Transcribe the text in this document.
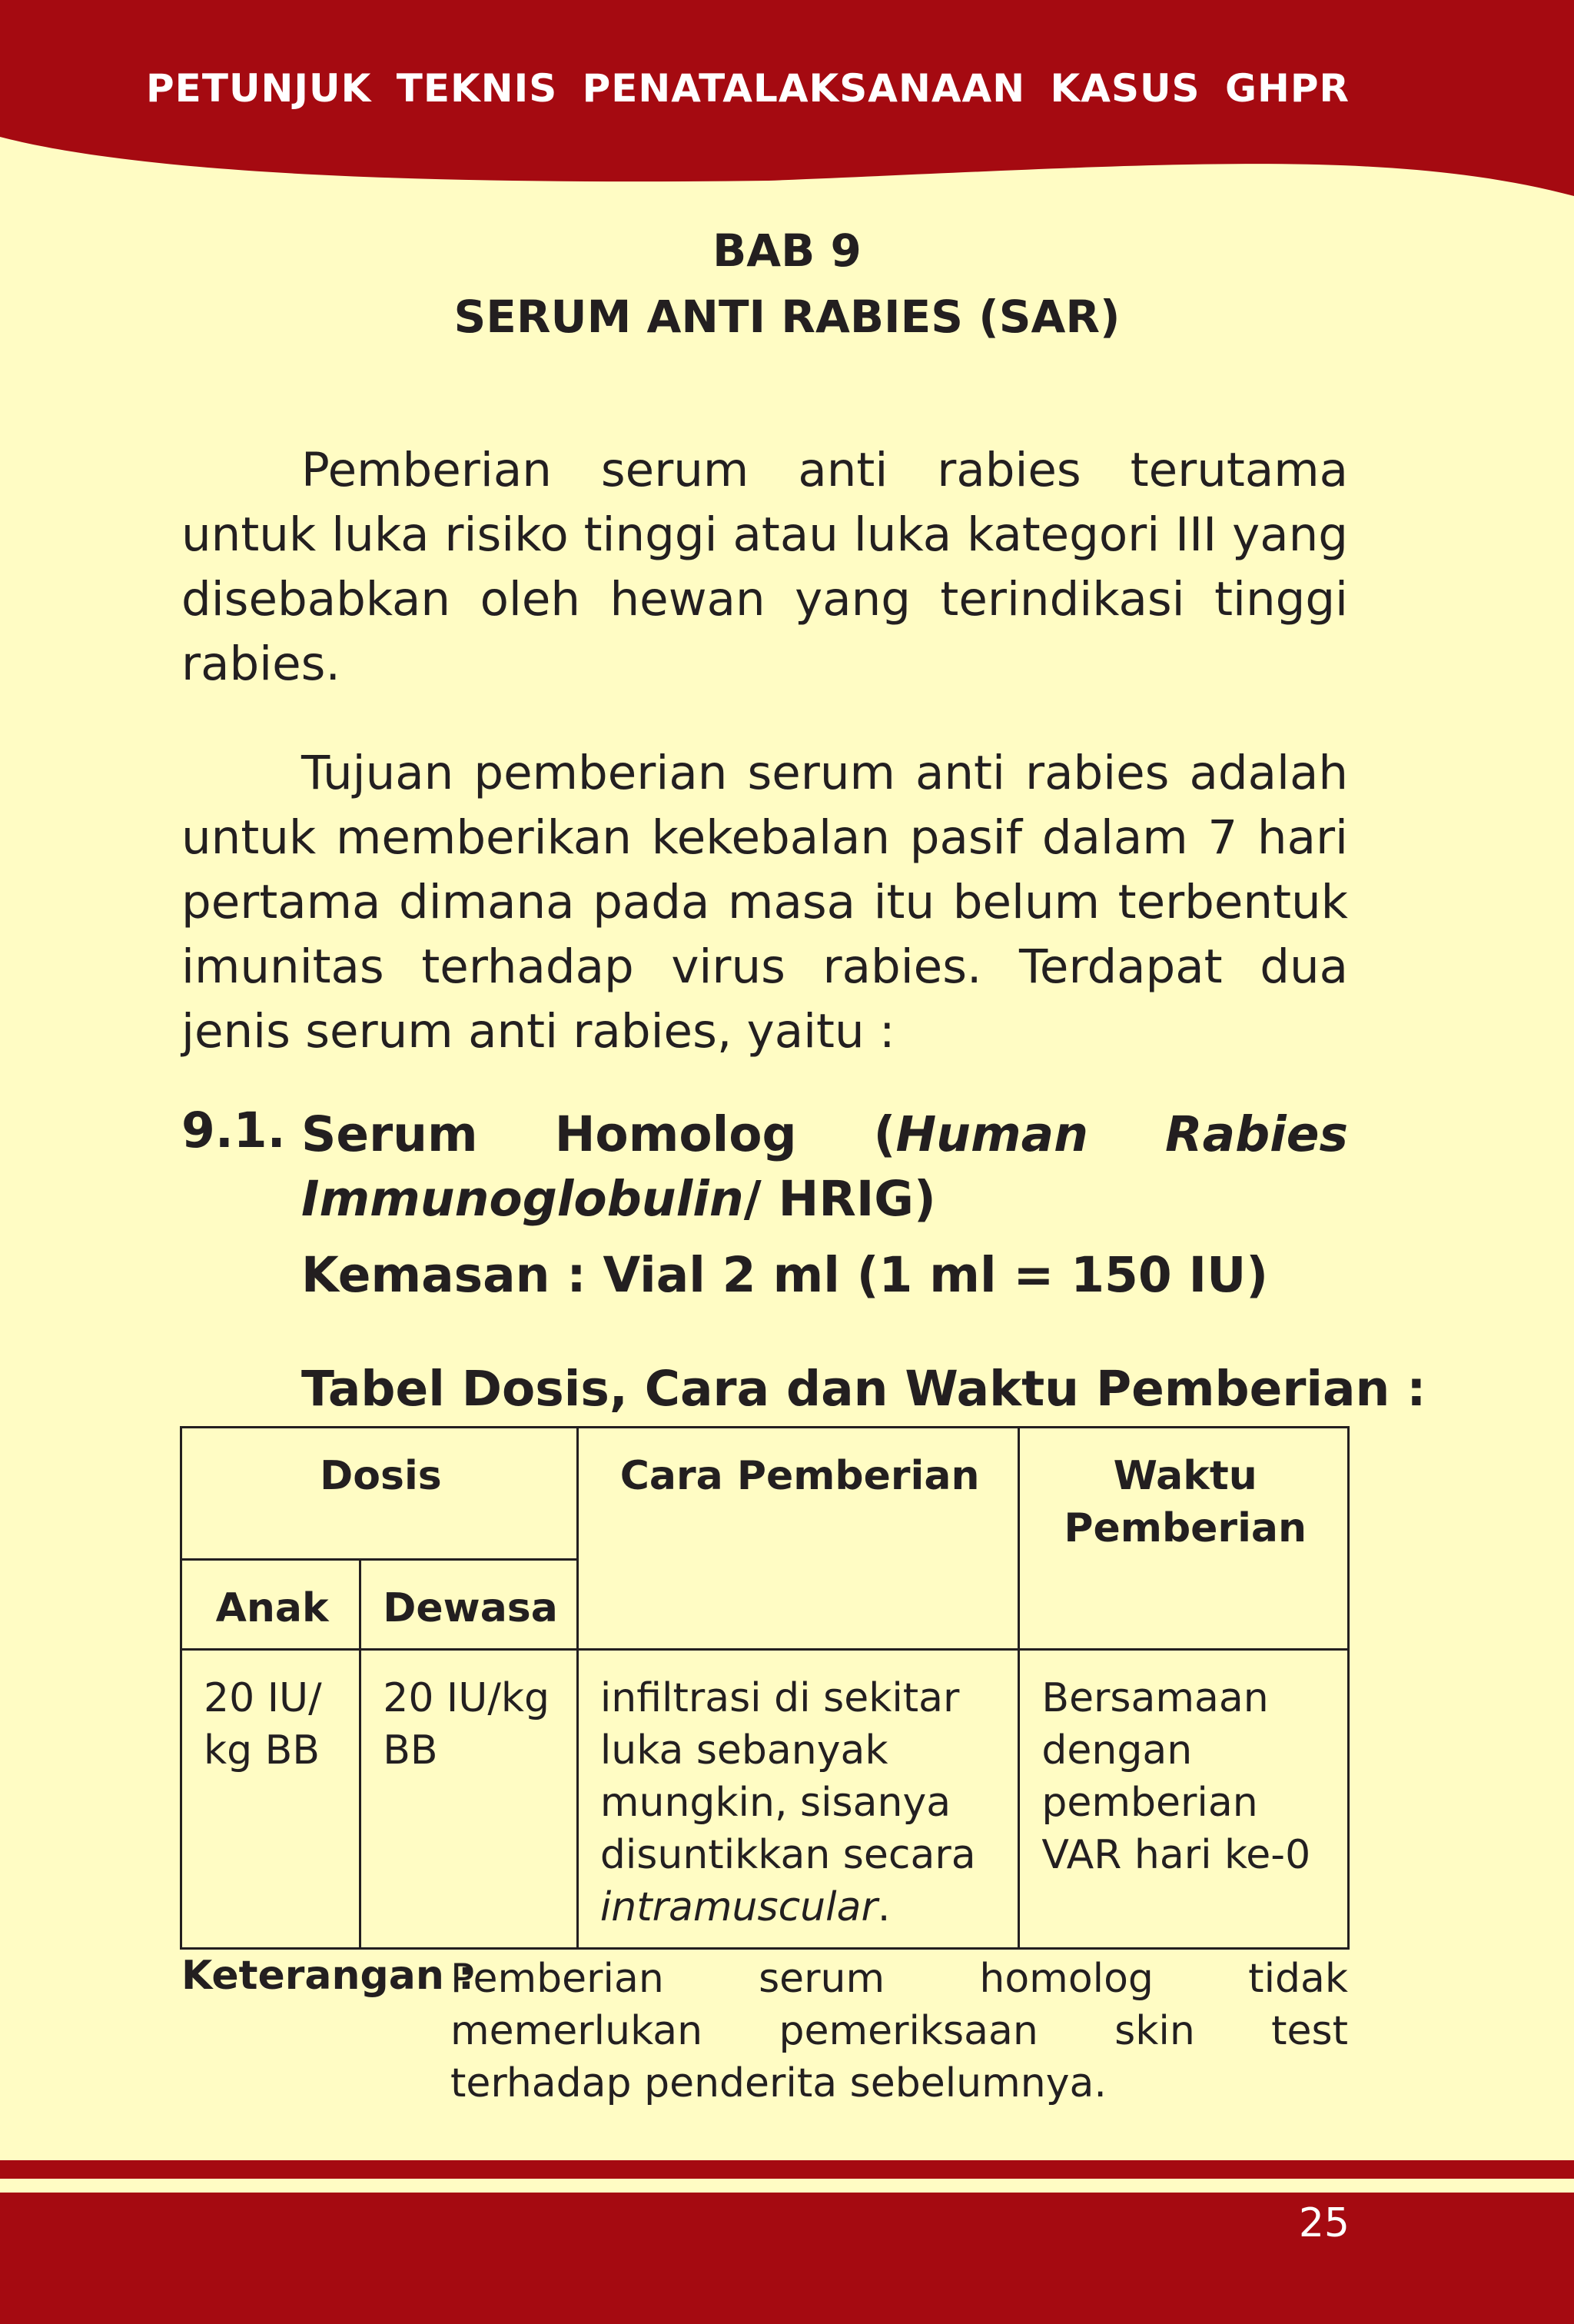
PETUNJUK TEKNIS PENATALAKSANAAN KASUS GHPR
BAB 9
SERUM ANTI RABIES (SAR)

Pemberian serum anti rabies terutama untuk luka risiko tinggi atau luka kategori III yang disebabkan oleh hewan yang terindikasi tinggi rabies.

Tujuan pemberian serum anti rabies adalah untuk memberikan kekebalan pasif dalam 7 hari pertama dimana pada masa itu belum terbentuk imunitas terhadap virus rabies. Terdapat dua jenis serum anti rabies, yaitu :

9.1. Serum Homolog (Human Rabies Immunoglobulin/ HRIG)
Kemasan : Vial 2 ml (1 ml = 150 IU)
Tabel Dosis, Cara dan Waktu Pemberian :
Dosis		Cara Pemberian	Waktu Pemberian
Anak	Dewasa		
20 IU/ kg BB	20 IU/kg BB	infiltrasi di sekitar luka sebanyak mungkin, sisanya disuntikkan secara intramuscular.	Bersamaan dengan pemberian VAR hari ke-0
Keterangan :

Pemberian serum homolog tidak memerlukan pemeriksaan skin test terhadap penderita sebelumnya.

25
